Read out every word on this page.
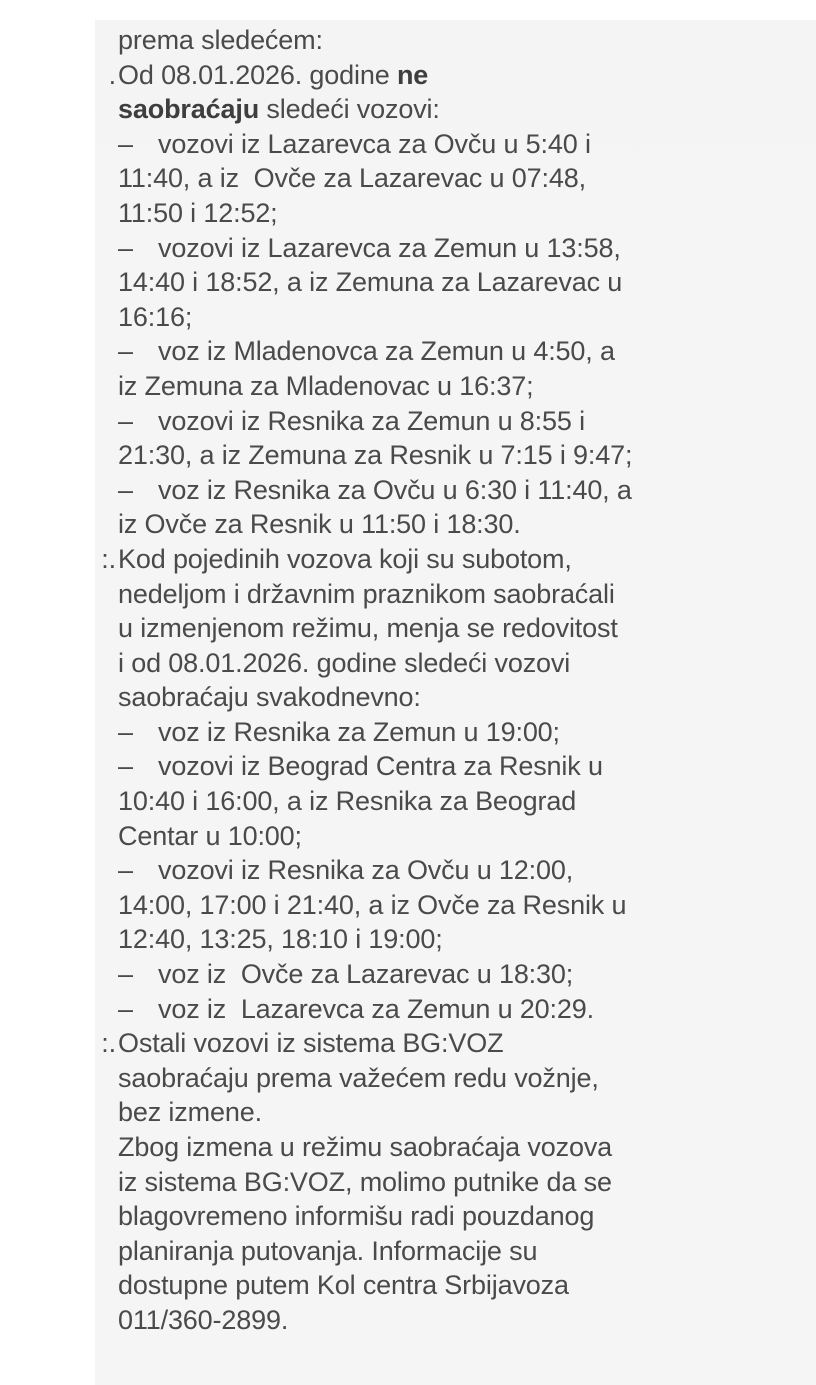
prema sledećem:
. Od 08.01.2026. godine ne
saobraćaju sledeći vozovi:
– vozovi iz Lazarevca za Ovču u 5:40 i
11:40, a iz  Ovče za Lazarevac u 07:48,
11:50 i 12:52;
– vozovi iz Lazarevca za Zemun u 13:58,
14:40 i 18:52, a iz Zemuna za Lazarevac u
16:16;
– voz iz Mladenovca za Zemun u 4:50, a
iz Zemuna za Mladenovac u 16:37;
– vozovi iz Resnika za Zemun u 8:55 i
21:30, a iz Zemuna za Resnik u 7:15 i 9:47;
– voz iz Resnika za Ovču u 6:30 i 11:40, a
iz Ovče za Resnik u 11:50 i 18:30.
:. Kod pojedinih vozova koji su subotom,
nedeljom i državnim praznikom saobraćali
u izmenjenom režimu, menja se redovitost
i od 08.01.2026. godine sledeći vozovi
saobraćaju svakodnevno:
– voz iz Resnika za Zemun u 19:00;
– vozovi iz Beograd Centra za Resnik u
10:40 i 16:00, a iz Resnika za Beograd
Centar u 10:00;
– vozovi iz Resnika za Ovču u 12:00,
14:00, 17:00 i 21:40, a iz Ovče za Resnik u
12:40, 13:25, 18:10 i 19:00;
– voz iz  Ovče za Lazarevac u 18:30;
– voz iz  Lazarevca za Zemun u 20:29.
:. Ostali vozovi iz sistema BG:VOZ
saobraćaju prema važećem redu vožnje,
bez izmene.
Zbog izmena u režimu saobraćaja vozova
iz sistema BG:VOZ, molimo putnike da se
blagovremeno informišu radi pouzdanog
planiranja putovanja. Informacije su
dostupne putem Kol centra Srbijavoza
011/360-2899.
